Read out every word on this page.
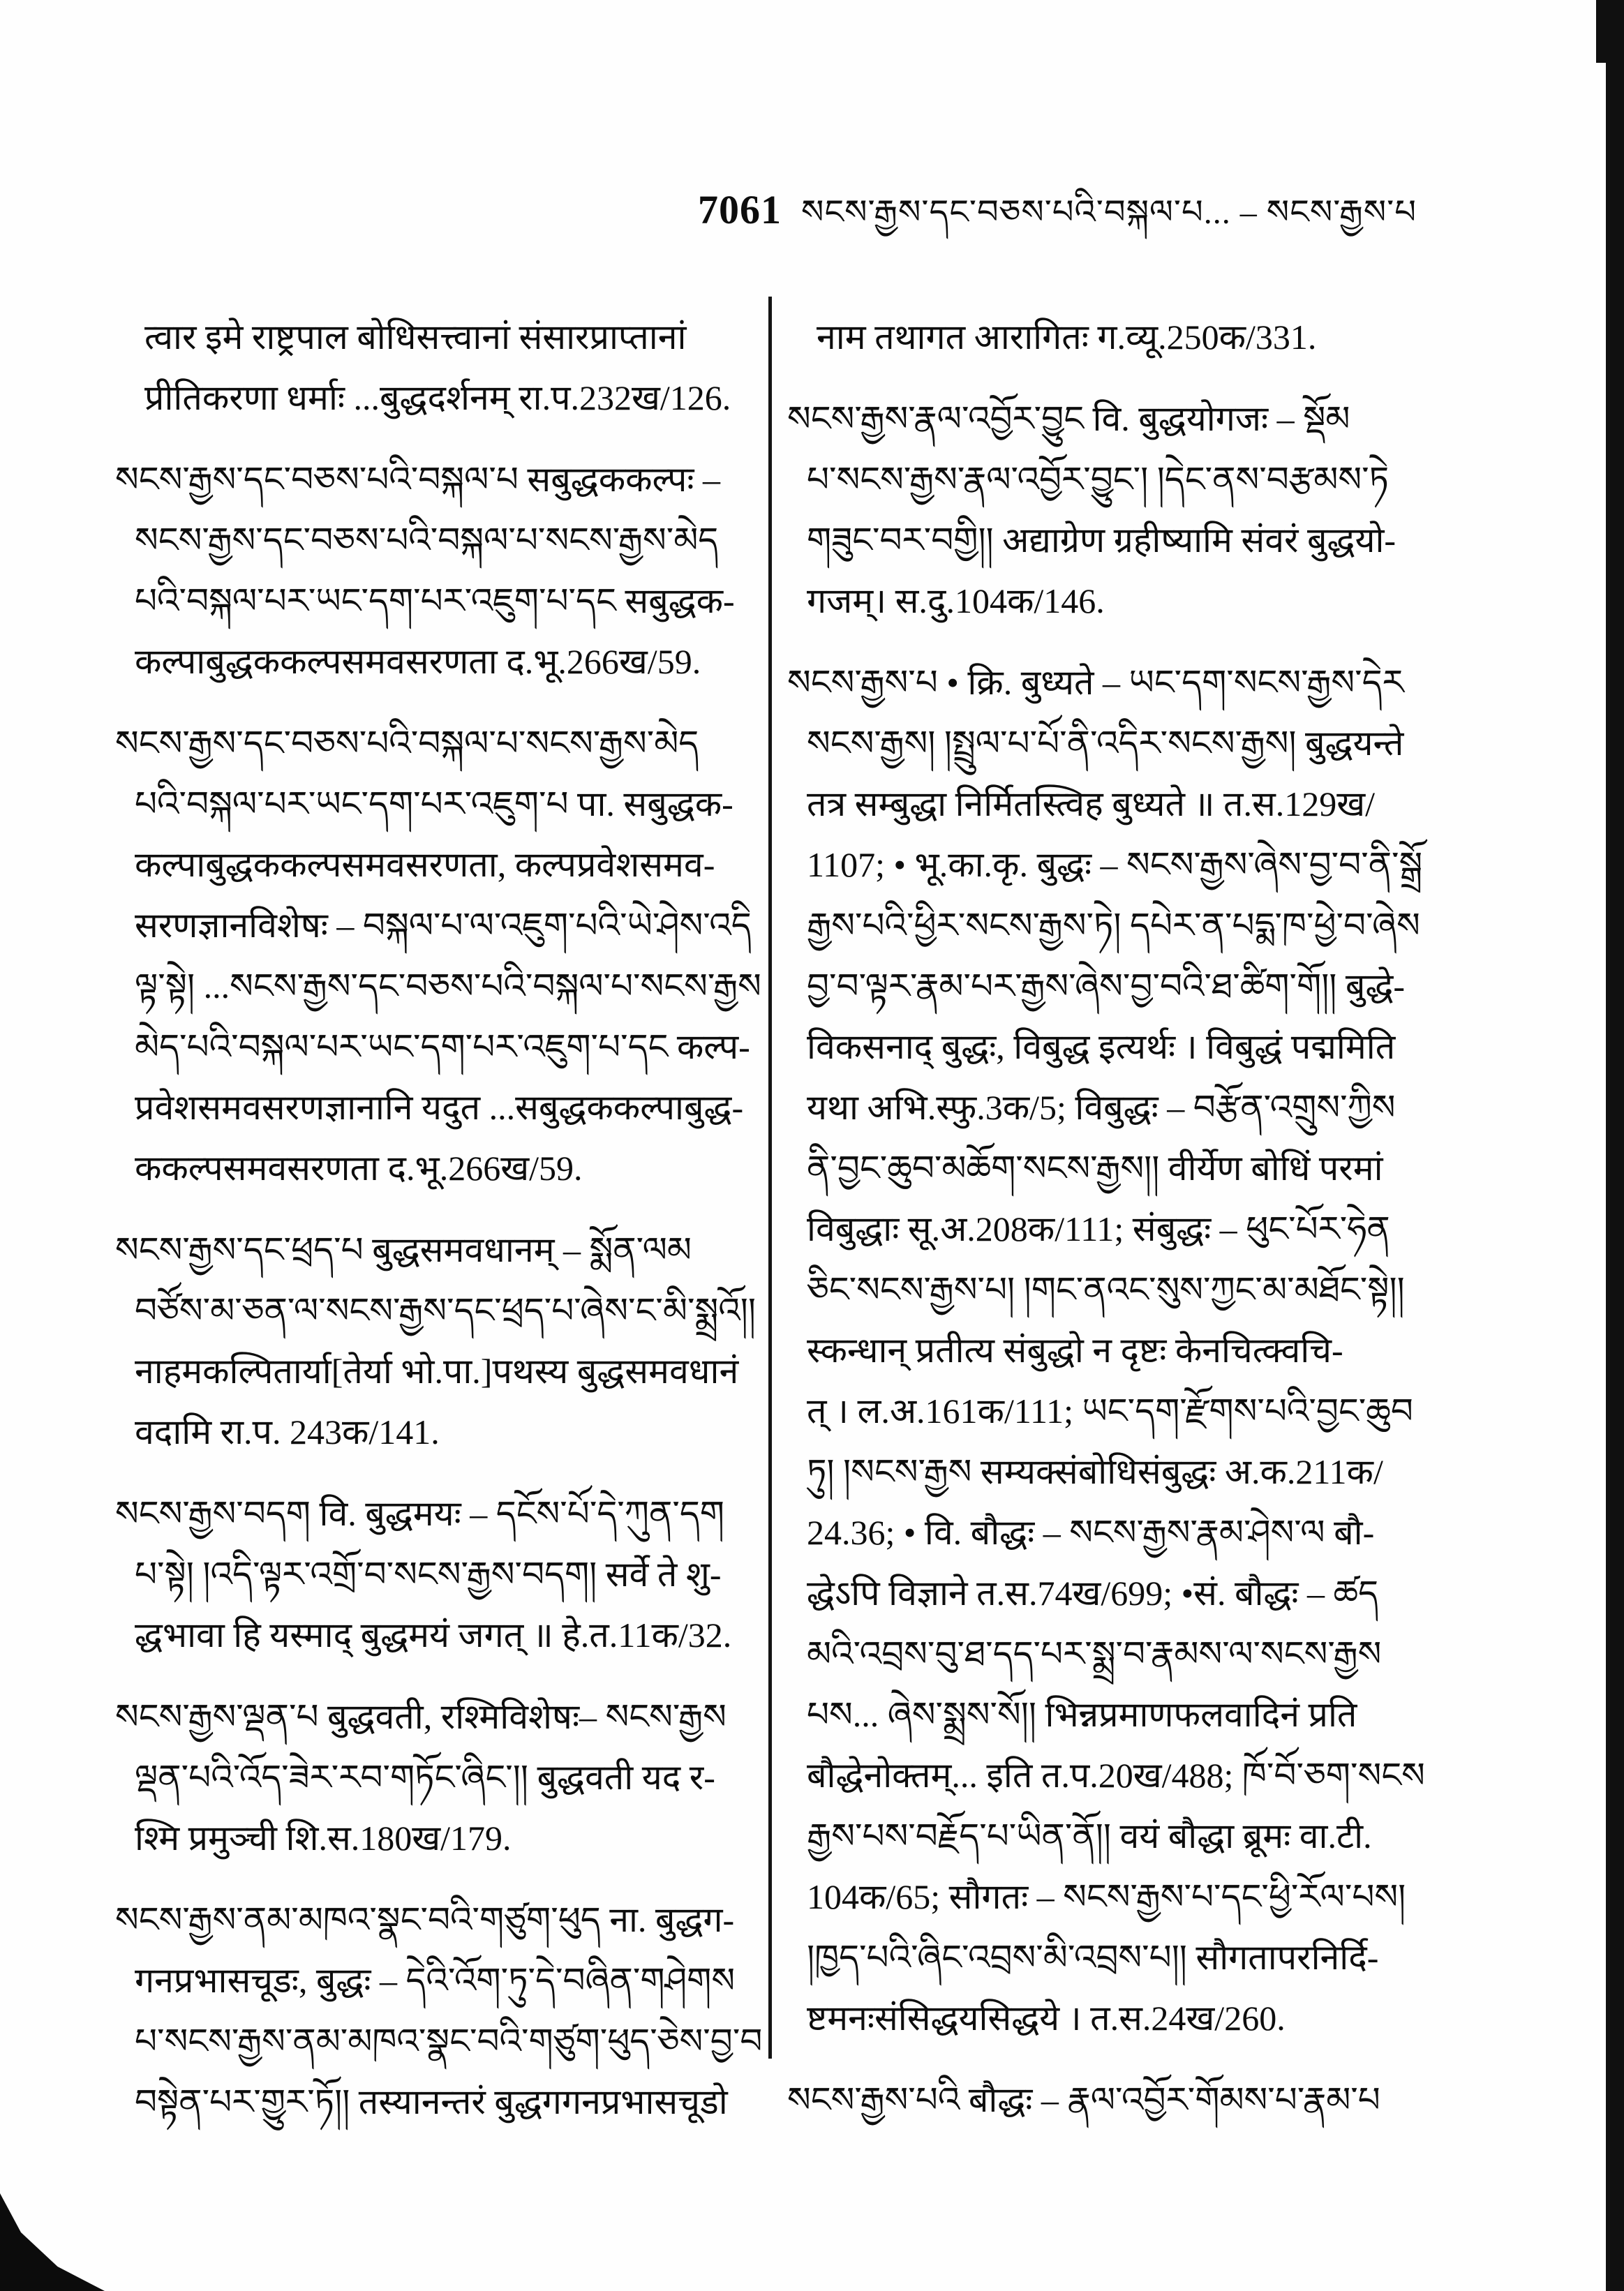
7061 སངས་རྒྱས་དང་བཅས་པའི་བསྐལ་པ... – སངས་རྒྱས་པ
त्वार इमे राष्ट्रपाल बोधिसत्त्वानां संसारप्राप्तानां
प्रीतिकरणा धर्माः ...बुद्धदर्शनम् रा.प.232ख/126.
སངས་རྒྱས་དང་བཅས་པའི་བསྐལ་པ सबुद्धककल्पः –
སངས་རྒྱས་དང་བཅས་པའི་བསྐལ་པ་སངས་རྒྱས་མེད
པའི་བསྐལ་པར་ཡང་དག་པར་འཇུག་པ་དང सबुद्धक-
कल्पाबुद्धककल्पसमवसरणता द.भू.266ख/59.
སངས་རྒྱས་དང་བཅས་པའི་བསྐལ་པ་སངས་རྒྱས་མེད
པའི་བསྐལ་པར་ཡང་དག་པར་འཇུག་པ पा. सबुद्धक-
कल्पाबुद्धककल्पसमवसरणता, कल्पप्रवेशसमव-
सरणज्ञानविशेषः – བསྐལ་པ་ལ་འཇུག་པའི་ཡེ་ཤེས་འདི
ལྟ་སྟེ། ...སངས་རྒྱས་དང་བཅས་པའི་བསྐལ་པ་སངས་རྒྱས
མེད་པའི་བསྐལ་པར་ཡང་དག་པར་འཇུག་པ་དང कल्प-
प्रवेशसमवसरणज्ञानानि यदुत ...सबुद्धककल्पाबुद्ध-
ककल्पसमवसरणता द.भू.266ख/59.
སངས་རྒྱས་དང་ཕྲད་པ बुद्धसमवधानम् – སྨོན་ལམ
བཙོས་མ་ཅན་ལ་སངས་རྒྱས་དང་ཕྲད་པ་ཞེས་ང་མི་སྨྲའོ།།
नाहमकल्पितार्या[तेर्या भो.पा.]पथस्य बुद्धसमवधानं
वदामि रा.प. 243क/141.
སངས་རྒྱས་བདག वि. बुद्धमयः – དངོས་པོ་དེ་ཀུན་དག
པ་སྟེ། །འདི་ལྟར་འགྲོ་བ་སངས་རྒྱས་བདག། सर्वे ते शु-
द्धभावा हि यस्माद् बुद्धमयं जगत् ॥ हे.त.11क/32.
སངས་རྒྱས་ལྡན་པ बुद्धवती, रश्मिविशेषः– སངས་རྒྱས
ལྡན་པའི་འོད་ཟེར་རབ་གཏོང་ཞིང་།། बुद्धवती यद र-
श्मि प्रमुञ्ची शि.स.180ख/179.
སངས་རྒྱས་ནམ་མཁའ་སྣང་བའི་གཙུག་ཕུད ना. बुद्धग-
गनप्रभासचूडः, बुद्धः – དེའི་འོག་ཏུ་དེ་བཞིན་གཤེགས
པ་སངས་རྒྱས་ནམ་མཁའ་སྣང་བའི་གཙུག་ཕུད་ཅེས་བྱ་བ
བསྟེན་པར་གྱུར་ཏོ།། तस्यानन्तरं बुद्धगगनप्रभासचूडो
नाम तथागत आरागितः ग.व्यू.250क/331.
སངས་རྒྱས་རྣལ་འབྱོར་བྱུང वि. बुद्धयोगजः – སྡོམ
པ་སངས་རྒྱས་རྣལ་འབྱོར་བྱུང་། །དེང་ནས་བརྩམས་ཏེ
གཟུང་བར་བགྱི།། अद्याग्रेण ग्रहीष्यामि संवरं बुद्धयो-
गजम्। स.दु.104क/146.
སངས་རྒྱས་པ • क्रि. बुध्यते – ཡང་དག་སངས་རྒྱས་དེར
སངས་རྒྱས། །སྤྲུལ་པ་པོ་ནི་འདིར་སངས་རྒྱས། बुद्धयन्ते
तत्र सम्बुद्धा निर्मितस्त्विह बुध्यते ॥ त.स.129ख/
1107; • भू.का.कृ. बुद्धः – སངས་རྒྱས་ཞེས་བྱ་བ་ནི་སྒྲོ
རྒྱས་པའི་ཕྱིར་སངས་རྒྱས་ཏེ། དཔེར་ན་པདྨ་ཁ་ཕྱེ་བ་ཞེས
བྱ་བ་ལྟར་རྣམ་པར་རྒྱས་ཞེས་བྱ་བའི་ཐ་ཚིག་གོ།། बुद्धे-
विकसनाद् बुद्धः, विबुद्ध इत्यर्थः । विबुद्धं पद्ममिति
यथा अभि.स्फु.3क/5; विबुद्धः – བརྩོན་འགྲུས་ཀྱིས
ནི་བྱང་ཆུབ་མཆོག་སངས་རྒྱས།། वीर्येण बोधिं परमां
विबुद्धाः सू.अ.208क/111; संबुद्धः – ཕུང་པོར་ཧེན
ཅིང་སངས་རྒྱས་པ། །གང་ནའང་སུས་ཀྱང་མ་མཐོང་སྟེ།།
स्कन्धान् प्रतीत्य संबुद्धो न दृष्टः केनचित्क्वचि-
त् । ल.अ.161क/111; ཡང་དག་རྫོགས་པའི་བྱང་ཆུབ
ཏུ། །སངས་རྒྱས सम्यक्संबोधिसंबुद्धः अ.क.211क/
24.36; • वि. बौद्धः – སངས་རྒྱས་རྣམ་ཤེས་ལ बौ-
द्धेऽपि विज्ञाने त.स.74ख/699; •सं. बौद्धः – ཚད
མའི་འབྲས་བུ་ཐ་དད་པར་སྨྲ་བ་རྣམས་ལ་སངས་རྒྱས
པས... ཞེས་སྨྲས་སོ།། भिन्नप्रमाणफलवादिनं प्रति
बौद्धेनोक्तम्... इति त.प.20ख/488; ཁོ་བོ་ཅག་སངས
རྒྱས་པས་བརྗོད་པ་ཡིན་ནོ།། वयं बौद्धा ब्रूमः वा.टी.
104क/65; सौगतः – སངས་རྒྱས་པ་དང་ཕྱི་རོལ་པས།
།ཁྱད་པའི་ཞིང་འབྲས་མི་འབྲས་པ།། सौगतापरनिर्दि-
ष्टमनःसंसिद्धयसिद्धये । त.स.24ख/260.
སངས་རྒྱས་པའི बौद्धः – རྣལ་འབྱོར་གོམས་པ་རྣམ་པ
